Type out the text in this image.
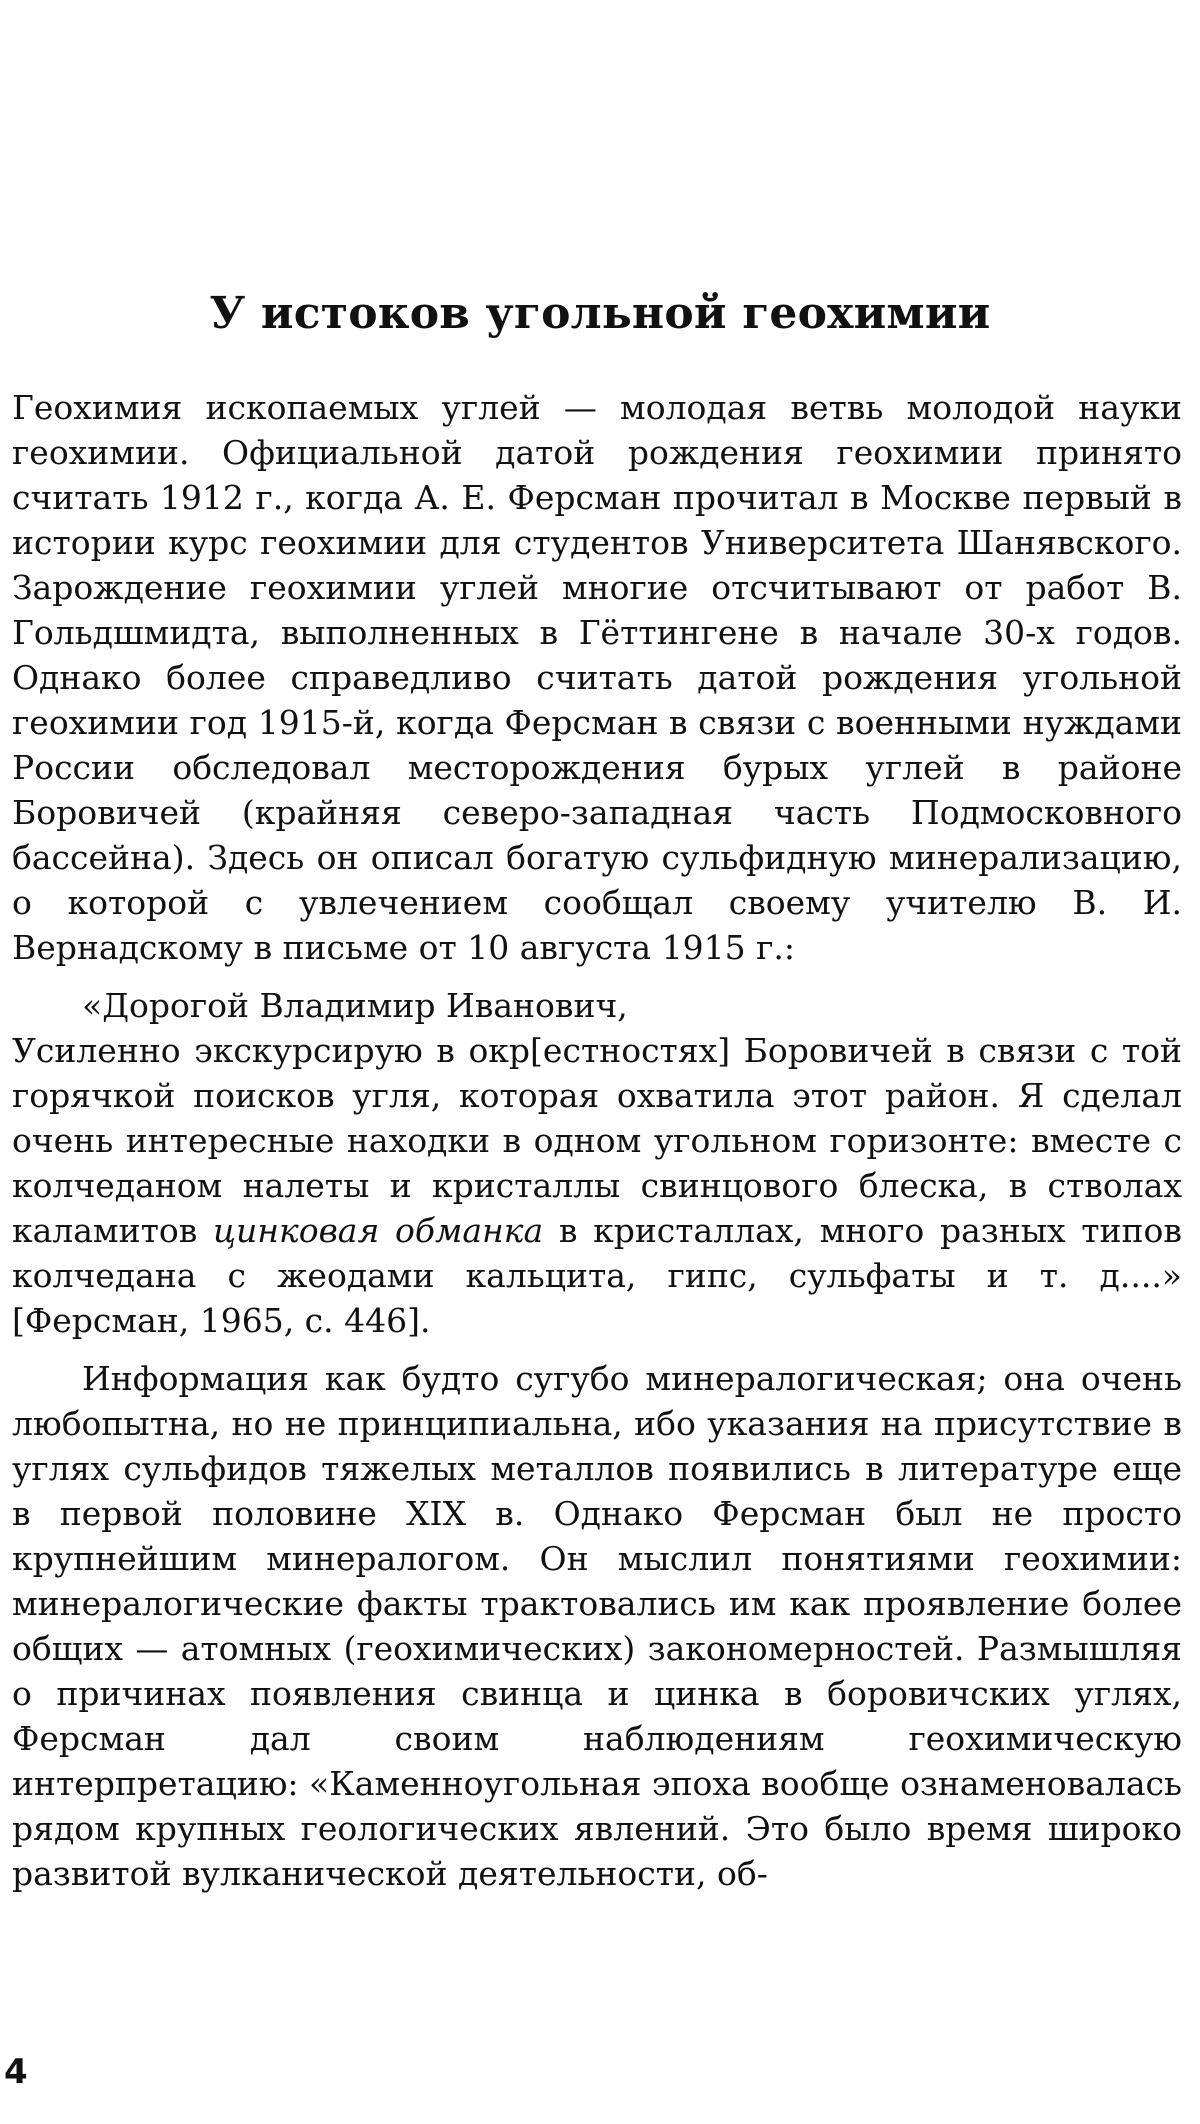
У истоков угольной геохимии

Геохимия ископаемых углей — молодая ветвь молодой науки геохимии. Официальной датой рождения геохимии принято считать 1912 г., когда А. Е. Ферсман прочитал в Москве первый в истории курс геохимии для студентов Университета Шанявского. Зарождение геохимии углей многие отсчитывают от работ В. Гольдшмидта, выполненных в Гёттингене в начале 30-х годов. Однако более справедливо считать датой рождения угольной геохимии год 1915-й, когда Ферсман в связи с военными нуждами России обследовал месторождения бурых углей в районе Боровичей (крайняя северо-западная часть Подмосковного бассейна). Здесь он описал богатую сульфидную минерализацию, о которой с увлечением сообщал своему учителю В. И. Вернадскому в письме от 10 августа 1915 г.:

«Дорогой Владимир Иванович,

Усиленно экскурсирую в окр[естностях] Боровичей в связи с той горячкой поисков угля, которая охватила этот район. Я сделал очень интересные находки в одном угольном горизонте: вместе с колчеданом налеты и кристаллы свинцового блеска, в стволах каламитов цинковая обманка в кристаллах, много разных типов колчедана с жеодами кальцита, гипс, сульфаты и т. д....» [Ферсман, 1965, с. 446].

Информация как будто сугубо минералогическая; она очень любопытна, но не принципиальна, ибо указания на присутствие в углях сульфидов тяжелых металлов появились в литературе еще в первой половине XIX в. Однако Ферсман был не просто крупнейшим минералогом. Он мыслил понятиями геохимии: минералогические факты трактовались им как проявление более общих — атомных (геохимических) закономерностей. Размышляя о причинах появления свинца и цинка в боровичских углях, Ферсман дал своим наблюдениям геохимическую интерпретацию: «Каменноугольная эпоха вообще ознаменовалась рядом крупных геологических явлений. Это было время широко развитой вулканической деятельности, об-

4
